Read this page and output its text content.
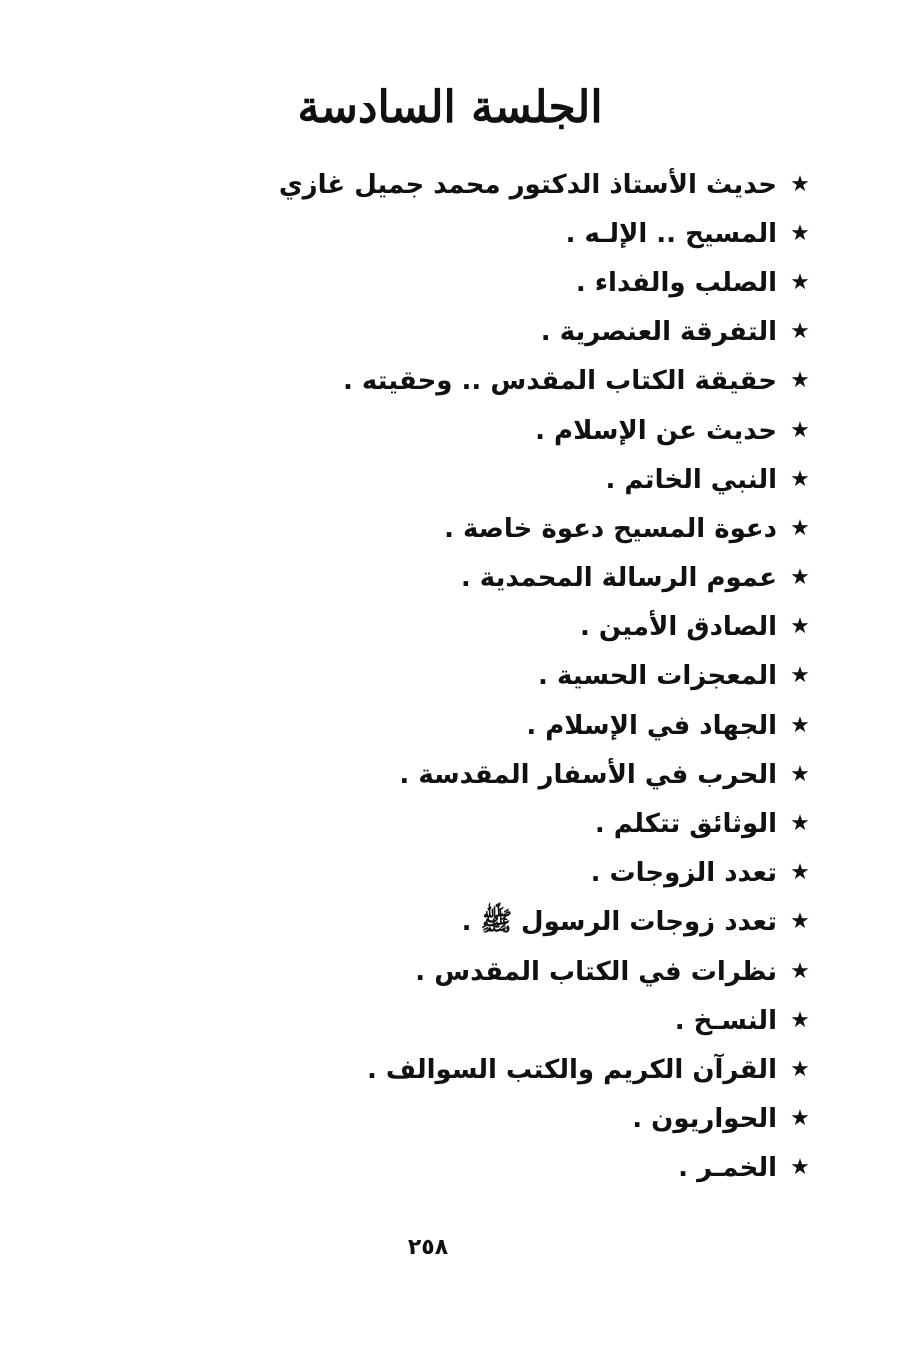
الجلسة السادسة
★
حديث الأستاذ الدكتور محمد جميل غازي
★
المسيح .. الإلـه .
★
الصلب والفداء .
★
التفرقة العنصرية .
★
حقيقة الكتاب المقدس .. وحقيته .
★
حديث عن الإسلام .
★
النبي الخاتم .
★
دعوة المسيح دعوة خاصة .
★
عموم الرسالة المحمدية .
★
الصادق الأمين .
★
المعجزات الحسية .
★
الجهاد في الإسلام .
★
الحرب في الأسفار المقدسة .
★
الوثائق تتكلم .
★
تعدد الزوجات .
★
تعدد زوجات الرسول ﷺ .
★
نظرات في الكتاب المقدس .
★
النسـخ .
★
القرآن الكريم والكتب السوالف .
★
الحواريون .
★
الخمـر .
٢٥٨
